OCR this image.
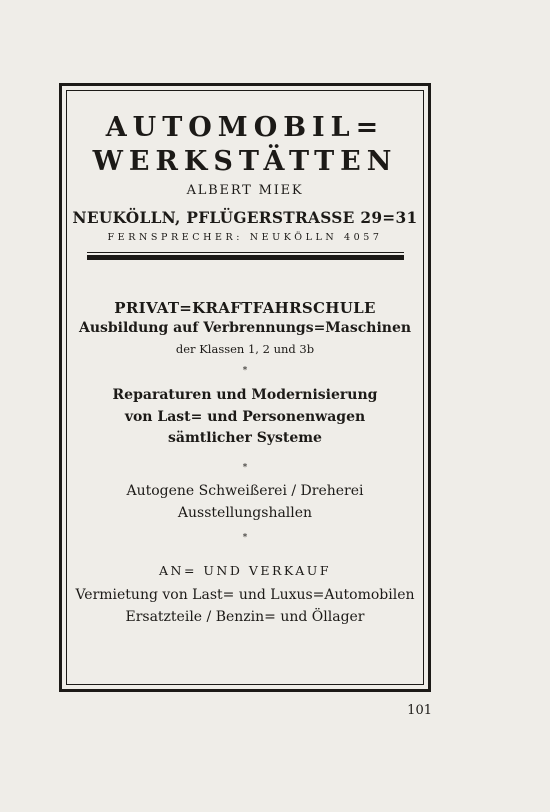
AUTOMOBIL=
WERKSTÄTTEN
ALBERT MIEK
NEUKÖLLN, PFLÜGERSTRASSE 29=31
FERNSPRECHER: NEUKÖLLN 4057
PRIVAT=KRAFTFAHRSCHULE
Ausbildung auf Verbrennungs=Maschinen
der Klassen 1, 2 und 3b
*
Reparaturen und Modernisierung
von Last= und Personenwagen
sämtlicher Systeme
*
Autogene Schweißerei / Dreherei
Ausstellungshallen
*
AN= UND VERKAUF
Vermietung von Last= und Luxus=Automobilen
Ersatzteile / Benzin= und Öllager
101
